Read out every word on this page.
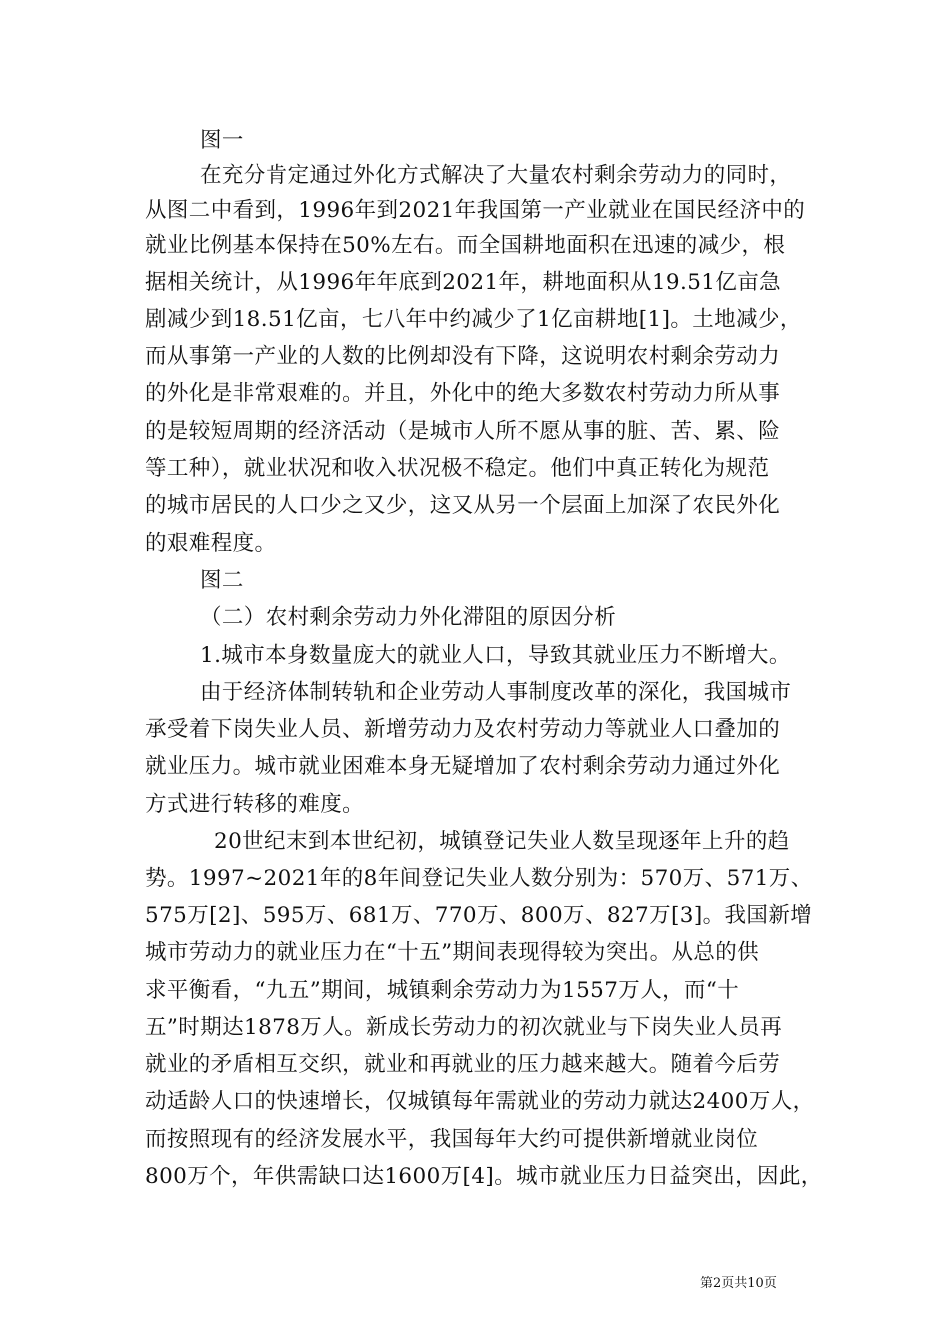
图一
在充分肯定通过外化方式解决了大量农村剩余劳动力的同时，
从图二中看到，1996年到2021年我国第一产业就业在国民经济中的
就业比例基本保持在50%左右。而全国耕地面积在迅速的减少，根
据相关统计，从1996年年底到2021年，耕地面积从19.51亿亩急
剧减少到18.51亿亩，七八年中约减少了1亿亩耕地[1]。土地减少，
而从事第一产业的人数的比例却没有下降，这说明农村剩余劳动力
的外化是非常艰难的。并且，外化中的绝大多数农村劳动力所从事
的是较短周期的经济活动（是城市人所不愿从事的脏、苦、累、险
等工种），就业状况和收入状况极不稳定。他们中真正转化为规范
的城市居民的人口少之又少，这又从另一个层面上加深了农民外化
的艰难程度。
图二
（二）农村剩余劳动力外化滞阻的原因分析
1.城市本身数量庞大的就业人口，导致其就业压力不断增大。
由于经济体制转轨和企业劳动人事制度改革的深化，我国城市
承受着下岗失业人员、新增劳动力及农村劳动力等就业人口叠加的
就业压力。城市就业困难本身无疑增加了农村剩余劳动力通过外化
方式进行转移的难度。
20世纪末到本世纪初，城镇登记失业人数呈现逐年上升的趋
势。1997~2021年的8年间登记失业人数分别为：570万、571万、
575万[2]、595万、681万、770万、800万、827万[3]。我国新增
城市劳动力的就业压力在“十五”期间表现得较为突出。从总的供
求平衡看，“九五”期间，城镇剩余劳动力为1557万人，而“十
五”时期达1878万人。新成长劳动力的初次就业与下岗失业人员再
就业的矛盾相互交织，就业和再就业的压力越来越大。随着今后劳
动适龄人口的快速增长，仅城镇每年需就业的劳动力就达2400万人，
而按照现有的经济发展水平，我国每年大约可提供新增就业岗位
800万个，年供需缺口达1600万[4]。城市就业压力日益突出，因此，
第2页共10页
